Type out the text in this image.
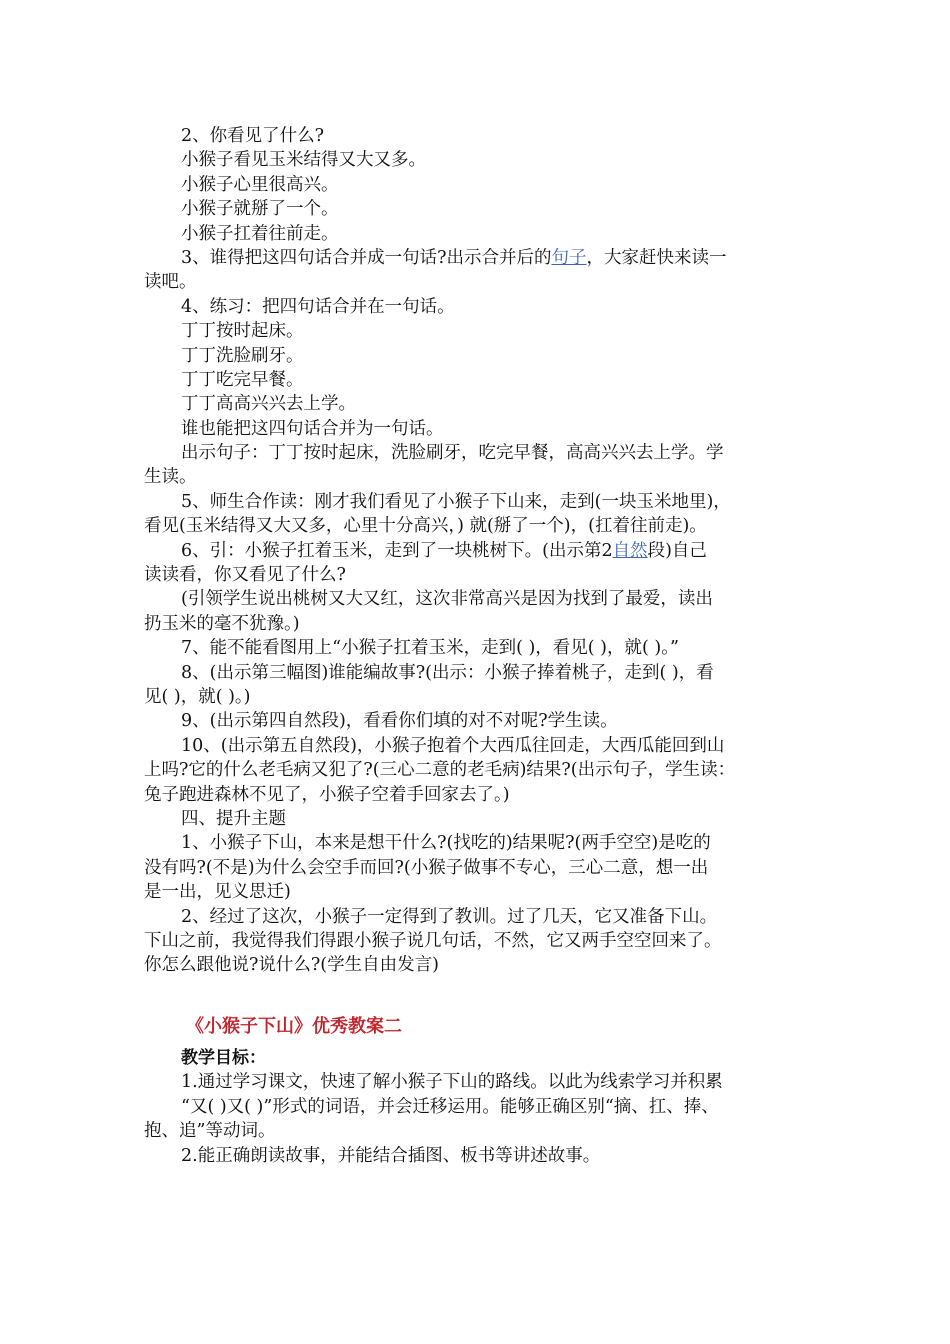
2、你看见了什么?
小猴子看见玉米结得又大又多。
小猴子心里很高兴。
小猴子就掰了一个。
小猴子扛着往前走。
3、谁得把这四句话合并成一句话?出示合并后的句子，大家赶快来读一
读吧。
4、练习：把四句话合并在一句话。
丁丁按时起床。
丁丁洗脸刷牙。
丁丁吃完早餐。
丁丁高高兴兴去上学。
谁也能把这四句话合并为一句话。
出示句子：丁丁按时起床，洗脸刷牙，吃完早餐，高高兴兴去上学。学
生读。
5、师生合作读：刚才我们看见了小猴子下山来，走到(一块玉米地里)，
看见(玉米结得又大又多，心里十分高兴，) 就(掰了一个)，(扛着往前走)。
6、引：小猴子扛着玉米，走到了一块桃树下。(出示第2自然段)自己
读读看，你又看见了什么?
(引领学生说出桃树又大又红，这次非常高兴是因为找到了最爱，读出
扔玉米的毫不犹豫。)
7、能不能看图用上“小猴子扛着玉米，走到( )，看见( )，就( )。”
8、(出示第三幅图)谁能编故事?(出示：小猴子捧着桃子，走到( )，看
见( )，就( )。)
9、(出示第四自然段)，看看你们填的对不对呢?学生读。
10、(出示第五自然段)，小猴子抱着个大西瓜往回走，大西瓜能回到山
上吗?它的什么老毛病又犯了?(三心二意的老毛病)结果?(出示句子，学生读：
兔子跑进森林不见了，小猴子空着手回家去了。)
四、提升主题
1、小猴子下山，本来是想干什么?(找吃的)结果呢?(两手空空)是吃的
没有吗?(不是)为什么会空手而回?(小猴子做事不专心，三心二意，想一出
是一出，见义思迁)
2、经过了这次，小猴子一定得到了教训。过了几天，它又准备下山。
下山之前，我觉得我们得跟小猴子说几句话，不然，它又两手空空回来了。
你怎么跟他说?说什么?(学生自由发言)
《小猴子下山》优秀教案二
教学目标：
1.通过学习课文，快速了解小猴子下山的路线。以此为线索学习并积累
“又( )又( )”形式的词语，并会迁移运用。能够正确区别“摘、扛、捧、
抱、追”等动词。
2.能正确朗读故事，并能结合插图、板书等讲述故事。
